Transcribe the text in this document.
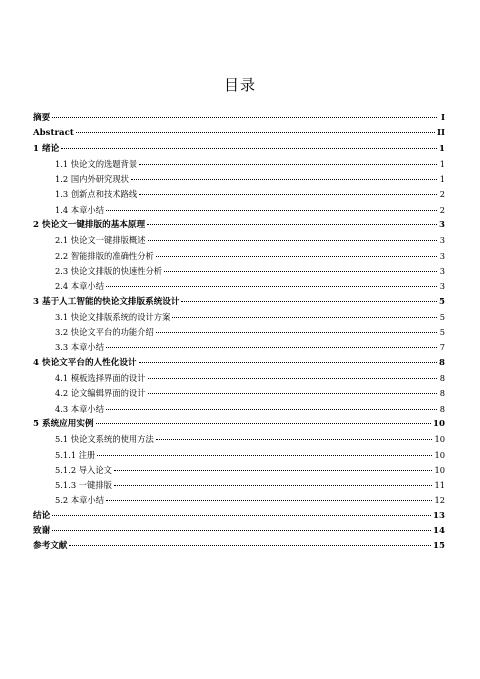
目录
摘要	I
Abstract	II
1 绪论	1
1.1 快论文的选题背景	1
1.2 国内外研究现状	1
1.3 创新点和技术路线	2
1.4 本章小结	2
2 快论文一键排版的基本原理	3
2.1 快论文一键排版概述	3
2.2 智能排版的准确性分析	3
2.3 快论文排版的快速性分析	3
2.4 本章小结	3
3 基于人工智能的快论文排版系统设计	5
3.1 快论文排版系统的设计方案	5
3.2 快论文平台的功能介绍	5
3.3 本章小结	7
4 快论文平台的人性化设计	8
4.1 模板选择界面的设计	8
4.2 论文编辑界面的设计	8
4.3 本章小结	8
5 系统应用实例	10
5.1 快论文系统的使用方法	10
5.1.1 注册	10
5.1.2 导入论文	10
5.1.3 一键排版	11
5.2 本章小结	12
结论	13
致谢	14
参考文献	15
